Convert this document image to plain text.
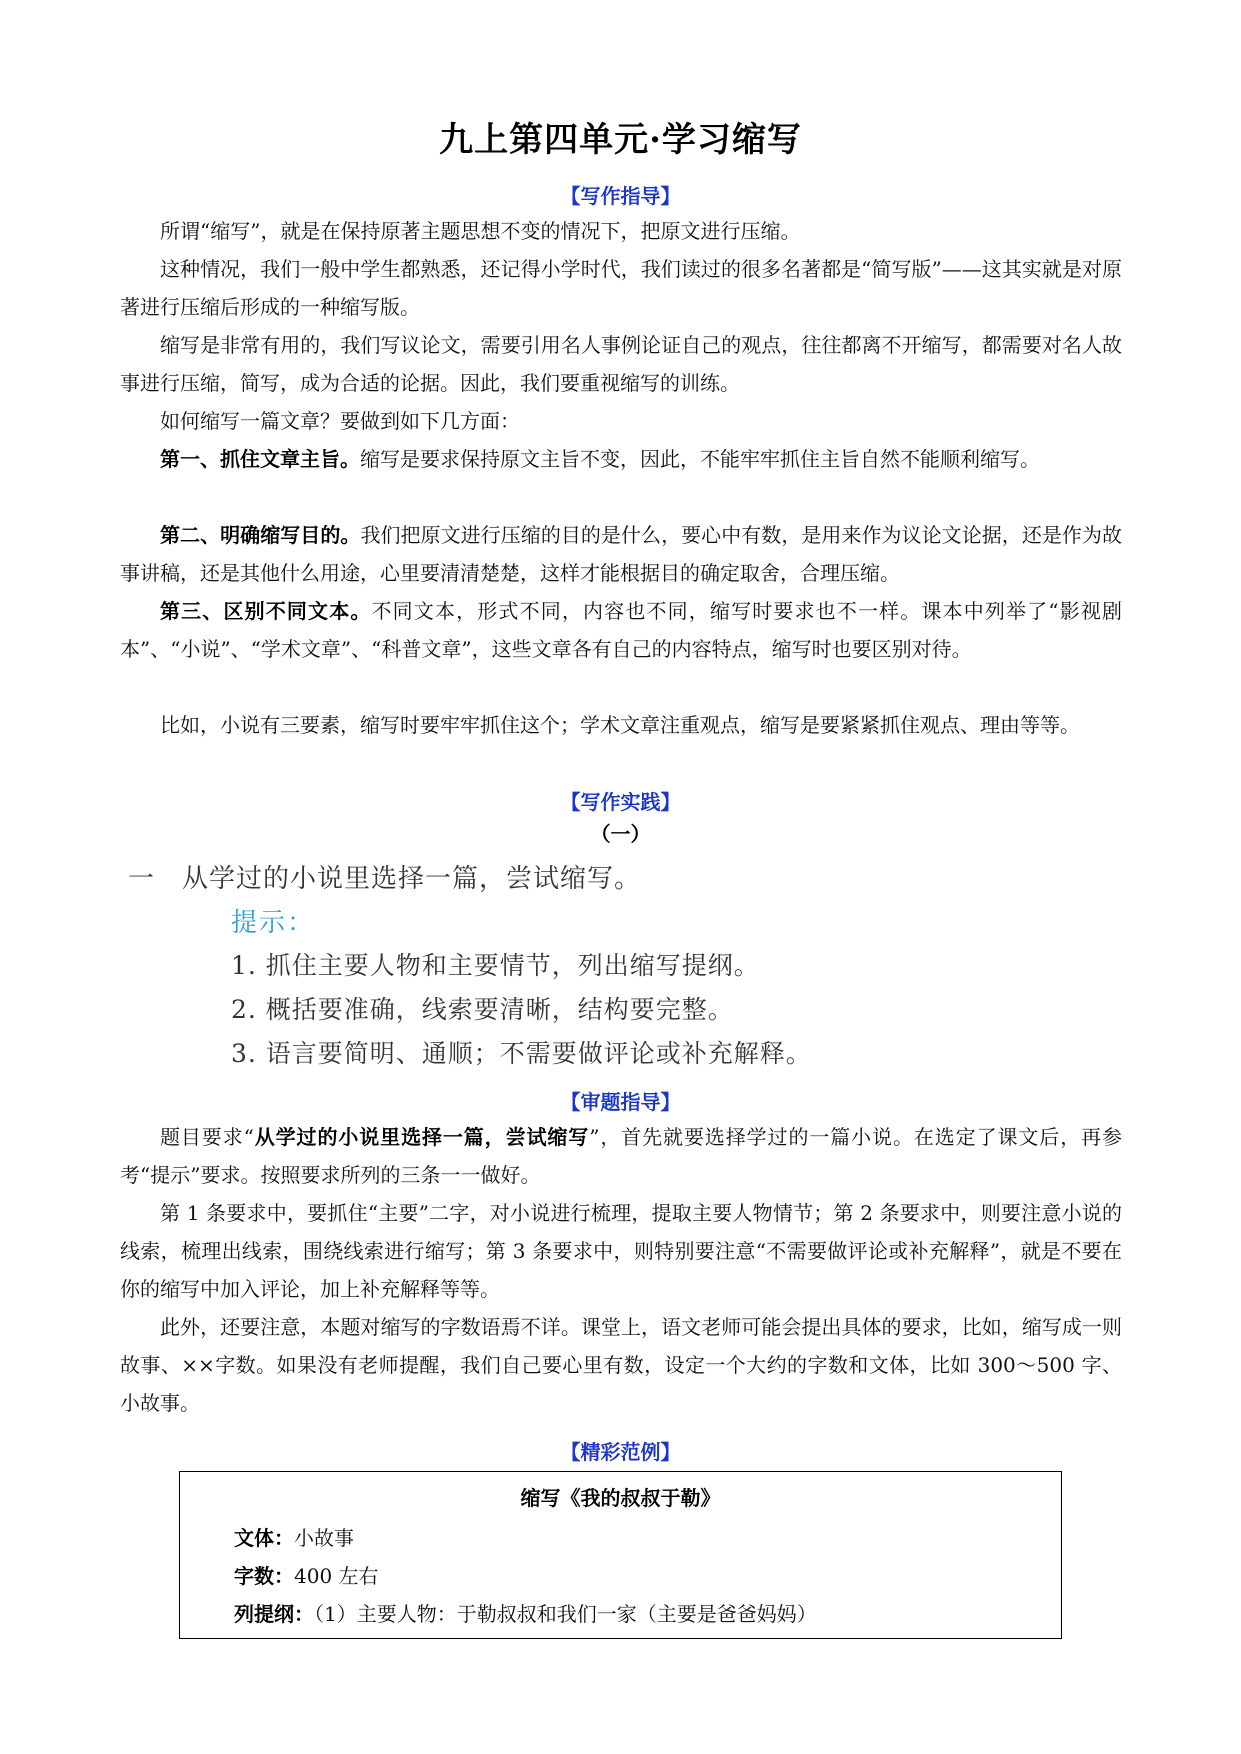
九上第四单元·学习缩写
【写作指导】

所谓“缩写”，就是在保持原著主题思想不变的情况下，把原文进行压缩。

这种情况，我们一般中学生都熟悉，还记得小学时代，我们读过的很多名著都是“简写版”——这其实就是对原著进行压缩后形成的一种缩写版。

缩写是非常有用的，我们写议论文，需要引用名人事例论证自己的观点，往往都离不开缩写，都需要对名人故事进行压缩，简写，成为合适的论据。因此，我们要重视缩写的训练。

如何缩写一篇文章？要做到如下几方面：

第一、抓住文章主旨。缩写是要求保持原文主旨不变，因此，不能牢牢抓住主旨自然不能顺利缩写。

第二、明确缩写目的。我们把原文进行压缩的目的是什么，要心中有数，是用来作为议论文论据，还是作为故事讲稿，还是其他什么用途，心里要清清楚楚，这样才能根据目的确定取舍，合理压缩。

第三、区别不同文本。不同文本，形式不同，内容也不同，缩写时要求也不一样。课本中列举了“影视剧本”、“小说”、“学术文章”、“科普文章”，这些文章各有自己的内容特点，缩写时也要区别对待。

比如，小说有三要素，缩写时要牢牢抓住这个；学术文章注重观点，缩写是要紧紧抓住观点、理由等等。

【写作实践】
（一）
一 从学过的小说里选择一篇，尝试缩写。
提示：
1. 抓住主要人物和主要情节，列出缩写提纲。
2. 概括要准确，线索要清晰，结构要完整。
3. 语言要简明、通顺；不需要做评论或补充解释。
【审题指导】

题目要求“从学过的小说里选择一篇，尝试缩写”，首先就要选择学过的一篇小说。在选定了课文后，再参考“提示”要求。按照要求所列的三条一一做好。

第 1 条要求中，要抓住“主要”二字，对小说进行梳理，提取主要人物情节；第 2 条要求中，则要注意小说的线索，梳理出线索，围绕线索进行缩写；第 3 条要求中，则特别要注意“不需要做评论或补充解释”，就是不要在你的缩写中加入评论，加上补充解释等等。

此外，还要注意，本题对缩写的字数语焉不详。课堂上，语文老师可能会提出具体的要求，比如，缩写成一则故事、××字数。如果没有老师提醒，我们自己要心里有数，设定一个大约的字数和文体，比如 300～500 字、小故事。

【精彩范例】
缩写《我的叔叔于勒》
文体：小故事
字数：400 左右
列提纲：（1）主要人物：于勒叔叔和我们一家（主要是爸爸妈妈）
